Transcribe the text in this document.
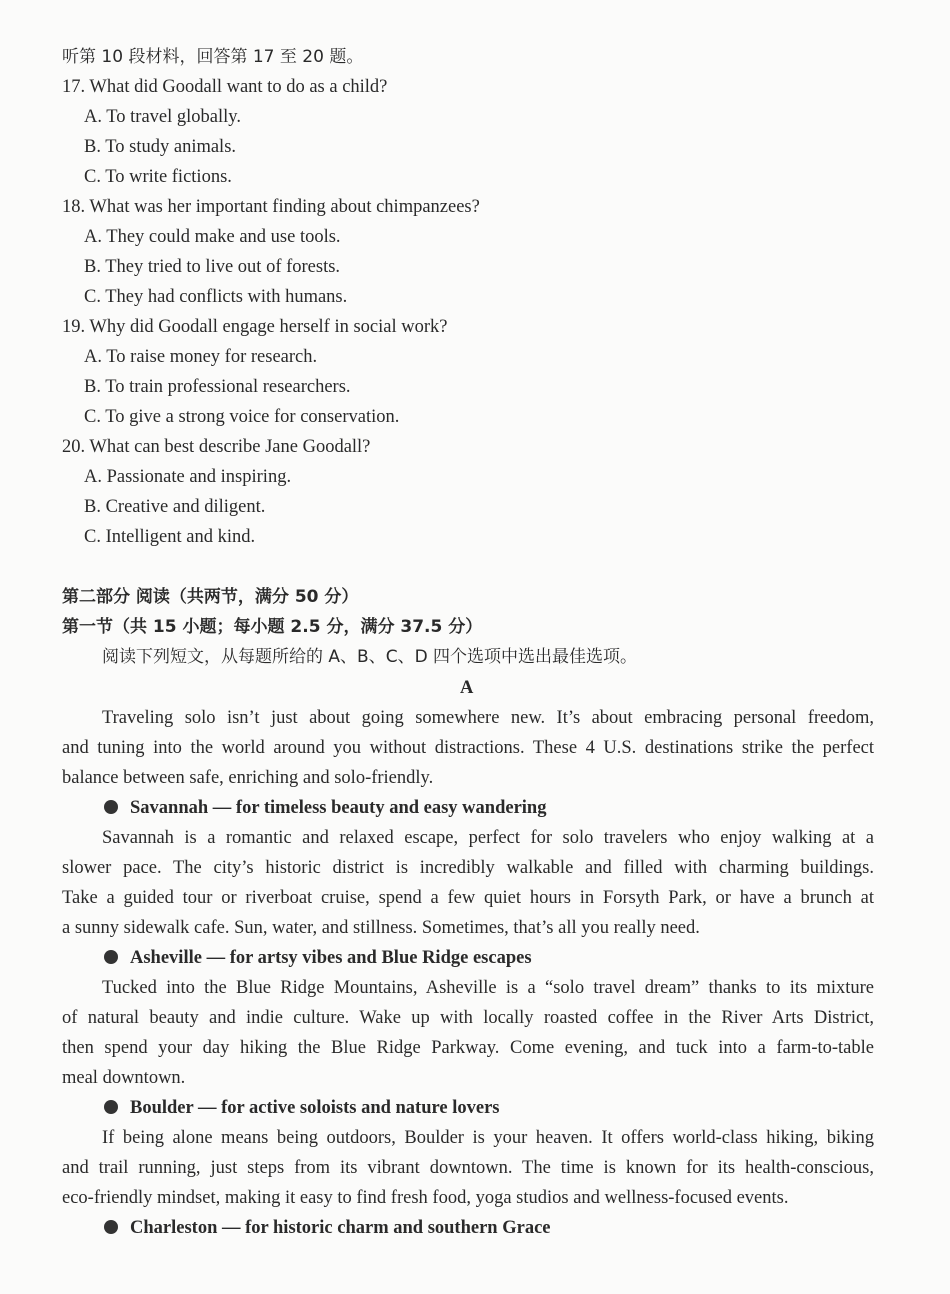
听第 10 段材料，回答第 17 至 20 题。
17. What did Goodall want to do as a child?
A. To travel globally.
B. To study animals.
C. To write fictions.
18. What was her important finding about chimpanzees?
A. They could make and use tools.
B. They tried to live out of forests.
C. They had conflicts with humans.
19. Why did Goodall engage herself in social work?
A. To raise money for research.
B. To train professional researchers.
C. To give a strong voice for conservation.
20. What can best describe Jane Goodall?
A. Passionate and inspiring.
B. Creative and diligent.
C. Intelligent and kind.
第二部分 阅读（共两节，满分 50 分）
第一节（共 15 小题；每小题 2.5 分，满分 37.5 分）
阅读下列短文，从每题所给的 A、B、C、D 四个选项中选出最佳选项。
A
Traveling solo isn’t just about going somewhere new. It’s about embracing personal freedom,
and tuning into the world around you without distractions. These 4 U.S. destinations strike the perfect
balance between safe, enriching and solo-friendly.
Savannah — for timeless beauty and easy wandering
Savannah is a romantic and relaxed escape, perfect for solo travelers who enjoy walking at a
slower pace. The city’s historic district is incredibly walkable and filled with charming buildings.
Take a guided tour or riverboat cruise, spend a few quiet hours in Forsyth Park, or have a brunch at
a sunny sidewalk cafe. Sun, water, and stillness. Sometimes, that’s all you really need.
Asheville — for artsy vibes and Blue Ridge escapes
Tucked into the Blue Ridge Mountains, Asheville is a “solo travel dream” thanks to its mixture
of natural beauty and indie culture. Wake up with locally roasted coffee in the River Arts District,
then spend your day hiking the Blue Ridge Parkway. Come evening, and tuck into a farm-to-table
meal downtown.
Boulder — for active soloists and nature lovers
If being alone means being outdoors, Boulder is your heaven. It offers world-class hiking, biking
and trail running, just steps from its vibrant downtown. The time is known for its health-conscious,
eco-friendly mindset, making it easy to find fresh food, yoga studios and wellness-focused events.
Charleston — for historic charm and southern Grace
